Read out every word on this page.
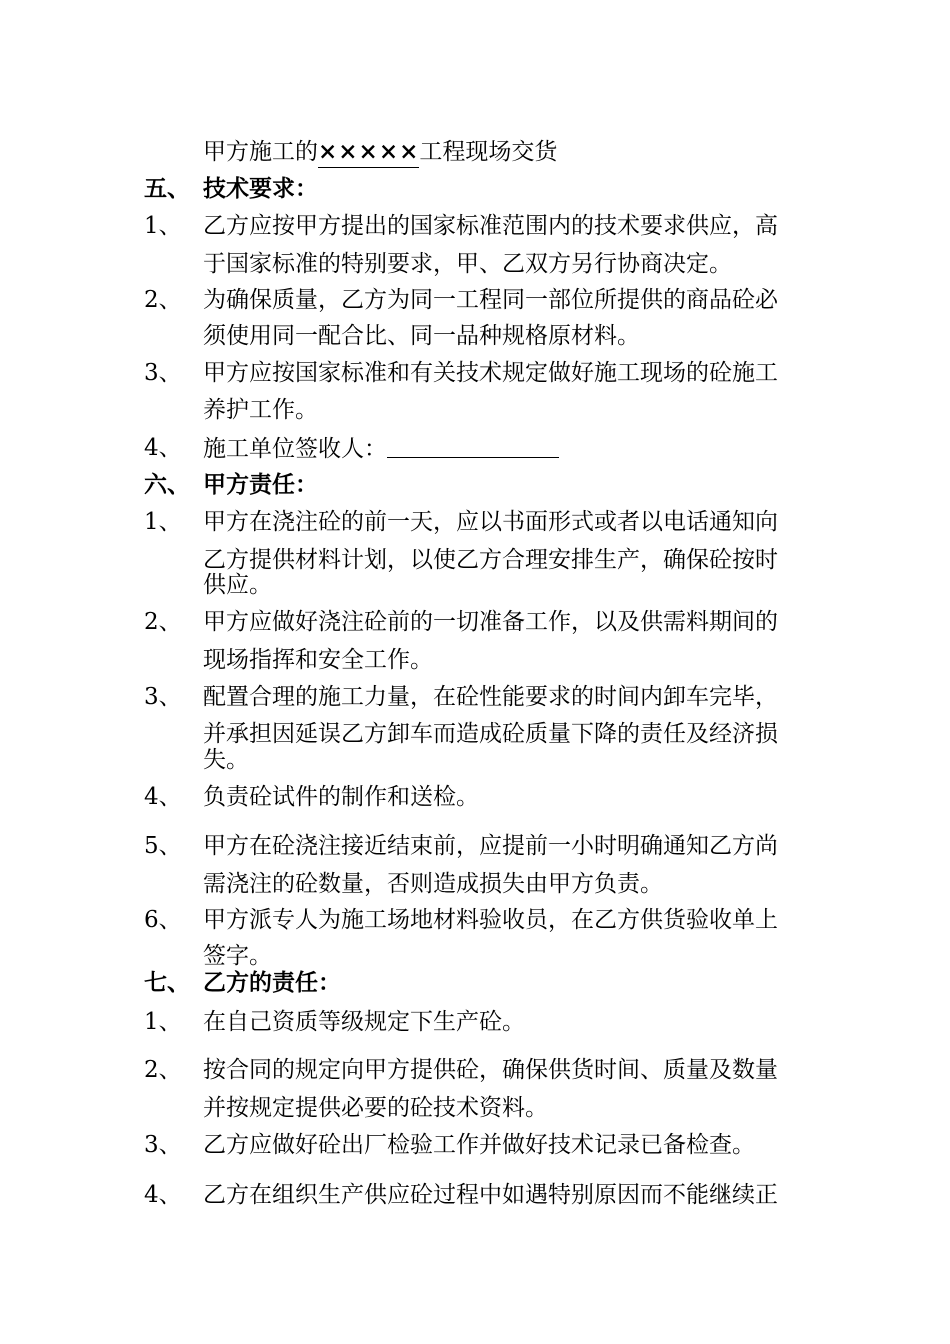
甲方施工的×××××工程现场交货
五、 技术要求：
1、 乙方应按甲方提出的国家标准范围内的技术要求供应，高
于国家标准的特别要求，甲、乙双方另行协商决定。
2、 为确保质量，乙方为同一工程同一部位所提供的商品砼必
须使用同一配合比、同一品种规格原材料。
3、 甲方应按国家标准和有关技术规定做好施工现场的砼施工
养护工作。
4、 施工单位签收人：
六、 甲方责任：
1、 甲方在浇注砼的前一天，应以书面形式或者以电话通知向
乙方提供材料计划，以使乙方合理安排生产，确保砼按时
供应。
2、 甲方应做好浇注砼前的一切准备工作，以及供需料期间的
现场指挥和安全工作。
3、 配置合理的施工力量，在砼性能要求的时间内卸车完毕，
并承担因延误乙方卸车而造成砼质量下降的责任及经济损
失。
4、 负责砼试件的制作和送检。
5、 甲方在砼浇注接近结束前，应提前一小时明确通知乙方尚
需浇注的砼数量，否则造成损失由甲方负责。
6、 甲方派专人为施工场地材料验收员，在乙方供货验收单上
签字。
七、 乙方的责任：
1、 在自己资质等级规定下生产砼。
2、 按合同的规定向甲方提供砼，确保供货时间、质量及数量
并按规定提供必要的砼技术资料。
3、 乙方应做好砼出厂检验工作并做好技术记录已备检查。
4、 乙方在组织生产供应砼过程中如遇特别原因而不能继续正
